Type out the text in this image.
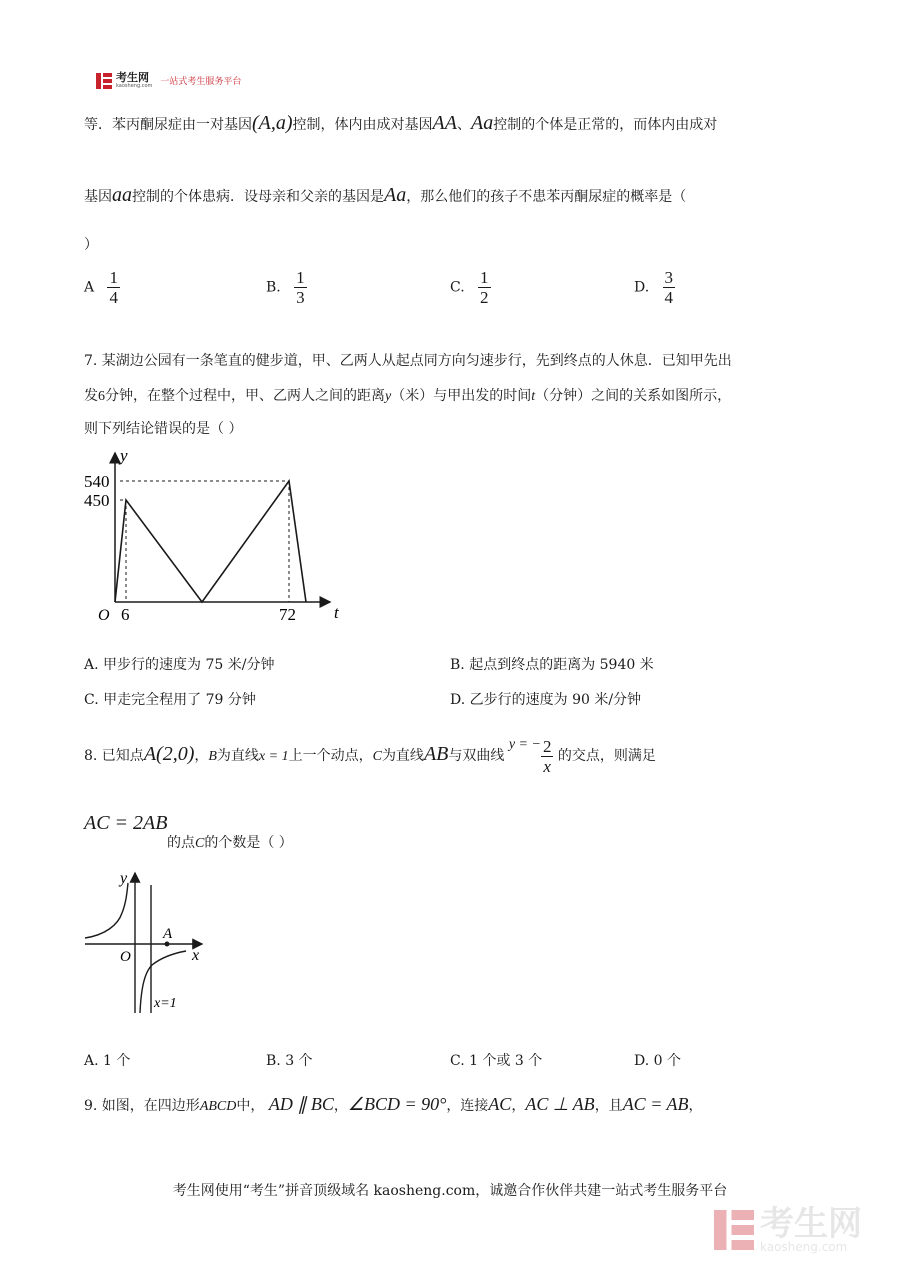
考生网
kaosheng.com 一站式考生服务平台
等．苯丙酮尿症由一对基因(A,a)控制，体内由成对基因AA、Aa控制的个体是正常的，而体内由成对
基因aa控制的个体患病．设母亲和父亲的基因是Aa，那么他们的孩子不患苯丙酮尿症的概率是（
）
A $\frac{1}{4}$	B. $\frac{1}{3}$	C. $\frac{1}{2}$	D. $\frac{3}{4}$
7. 某湖边公园有一条笔直的健步道，甲、乙两人从起点同方向匀速步行，先到终点的人休息．已知甲先出
发6分钟，在整个过程中，甲、乙两人之间的距离y（米）与甲出发的时间t（分钟）之间的关系如图所示，
则下列结论错误的是（ ）
y
t
O
540
450
6	72
A. 甲步行的速度为 75 米/分钟	B. 起点到终点的距离为 5940 米
C. 甲走完全程用了 79 分钟	D. 乙步行的速度为 90 米/分钟
8. 已知点A(2,0)，B为直线x = 1上一个动点，C为直线AB与双曲线 y = − $\frac{2}{x}$ 的交点，则满足
AC = 2AB
的点C的个数是（ ）
y
x
O
A
x=1
A. 1 个	B. 3 个	C. 1 个或 3 个	D. 0 个
9. 如图，在四边形ABCD中， AD ∥ BC，∠BCD = 90°，连接AC，AC ⊥ AB，且AC = AB，
考生网使用“考生”拼音顶级域名 kaosheng.com，诚邀合作伙伴共建一站式考生服务平台
考生网
kaosheng.com
